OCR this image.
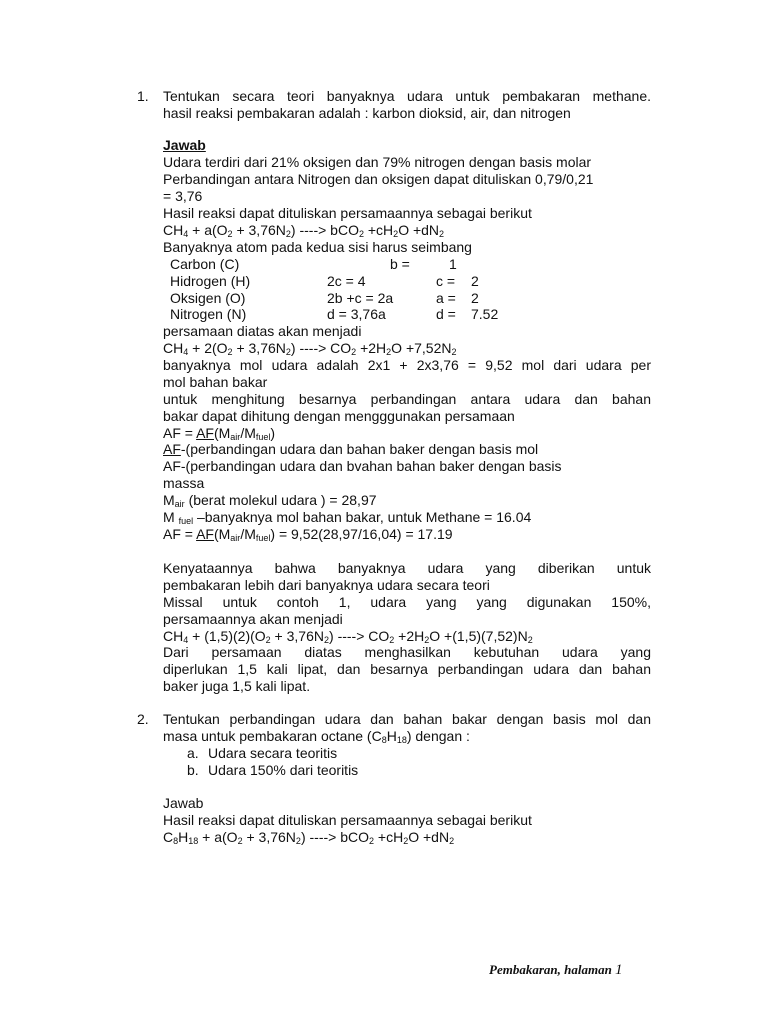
1. Tentukan secara teori banyaknya udara untuk pembakaran methane.
hasil reaksi pembakaran adalah : karbon dioksid, air, dan nitrogen
Jawab
Udara terdiri dari 21% oksigen dan 79% nitrogen dengan basis molar
Perbandingan antara Nitrogen dan oksigen dapat dituliskan 0,79/0,21
= 3,76
Hasil reaksi dapat dituliskan persamaannya sebagai berikut
$CH_4 + a(O_2 + 3,76N_2)$ ----> $bCO_2 +cH_2O +dN_2$
Banyaknya atom pada kedua sisi harus seimbang
Carbon (C)	b =	1
Hidrogen (H)	2c = 4	c = 2
Oksigen (O)	2b +c = 2a	a = 2
Nitrogen (N)	d = 3,76a	d = 7.52
persamaan diatas akan menjadi
$CH_4 + 2(O_2 + 3,76N_2)$ ----> $CO_2 +2H_2O +7,52N_2$
banyaknya mol udara adalah 2x1 + 2x3,76 = 9,52 mol dari udara per
mol bahan bakar
untuk menghitung besarnya perbandingan antara udara dan bahan
bakar dapat dihitung dengan mengggunakan persamaan
AF = $AF(M_{air}/M_{fuel})$
AF-(perbandingan udara dan bahan baker dengan basis mol
AF-(perbandingan udara dan bvahan bahan baker dengan basis
massa
$M_{air}$ (berat molekul udara ) = 28,97
M $_{fuel}$ –banyaknya mol bahan bakar, untuk Methane = 16.04
AF = $AF(M_{air}/M_{fuel}) = 9,52(28,97/16,04) = 17.19$
Kenyataannya bahwa banyaknya udara yang diberikan untuk
pembakaran lebih dari banyaknya udara secara teori
Missal untuk contoh 1, udara yang yang digunakan 150%,
persamaannya akan menjadi
$CH_4 + (1,5)(2)(O_2 + 3,76N_2)$ ----> $CO_2 +2H_2O +(1,5)(7,52)N_2$
Dari persamaan diatas menghasilkan kebutuhan udara yang
diperlukan 1,5 kali lipat, dan besarnya perbandingan udara dan bahan
baker juga 1,5 kali lipat.
2. Tentukan perbandingan udara dan bahan bakar dengan basis mol dan
masa untuk pembakaran octane $(C_8H_{18})$ dengan :
a. Udara secara teoritis
b. Udara 150% dari teoritis
Jawab
Hasil reaksi dapat dituliskan persamaannya sebagai berikut
$C_8H_{18} + a(O_2 + 3,76N_2)$ ----> $bCO_2 +cH_2O +dN_2$
Pembakaran, halaman 1
